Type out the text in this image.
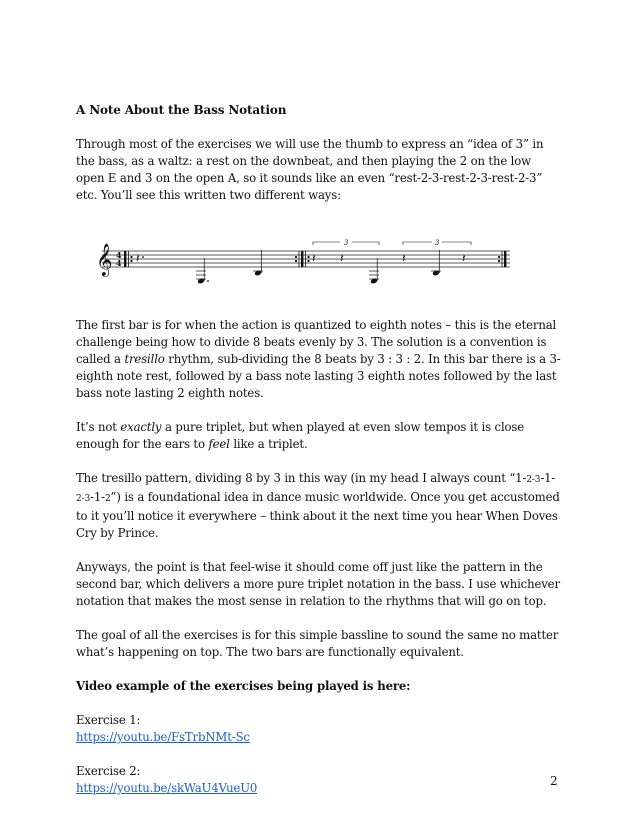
A Note About the Bass Notation

Through most of the exercises we will use the thumb to express an “idea of 3” in the bass, as a waltz: a rest on the downbeat, and then playing the 2 on the low open E and 3 on the open A, so it sounds like an even “rest-2-3-rest-2-3-rest-2-3” etc. You’ll see this written two different ways:

𝄞 4
4 𝄽
3
𝄽 𝄽
3
𝄽	𝄽

The first bar is for when the action is quantized to eighth notes – this is the eternal challenge being how to divide 8 beats evenly by 3. The solution is a convention is called a tresillo rhythm, sub-dividing the 8 beats by 3 : 3 : 2. In this bar there is a 3-eighth note rest, followed by a bass note lasting 3 eighth notes followed by the last bass note lasting 2 eighth notes.

It’s not exactly a pure triplet, but when played at even slow tempos it is close enough for the ears to feel like a triplet.

The tresillo pattern, dividing 8 by 3 in this way (in my head I always count “1-2-3-1-2-3-1-2”) is a foundational idea in dance music worldwide. Once you get accustomed to it you’ll notice it everywhere – think about it the next time you hear When Doves Cry by Prince.

Anyways, the point is that feel-wise it should come off just like the pattern in the second bar, which delivers a more pure triplet notation in the bass. I use whichever notation that makes the most sense in relation to the rhythms that will go on top.

The goal of all the exercises is for this simple bassline to sound the same no matter what’s happening on top. The two bars are functionally equivalent.

Video example of the exercises being played is here:

Exercise 1:
https://youtu.be/FsTrbNMt-Sc

Exercise 2:
https://youtu.be/skWaU4VueU0	2
